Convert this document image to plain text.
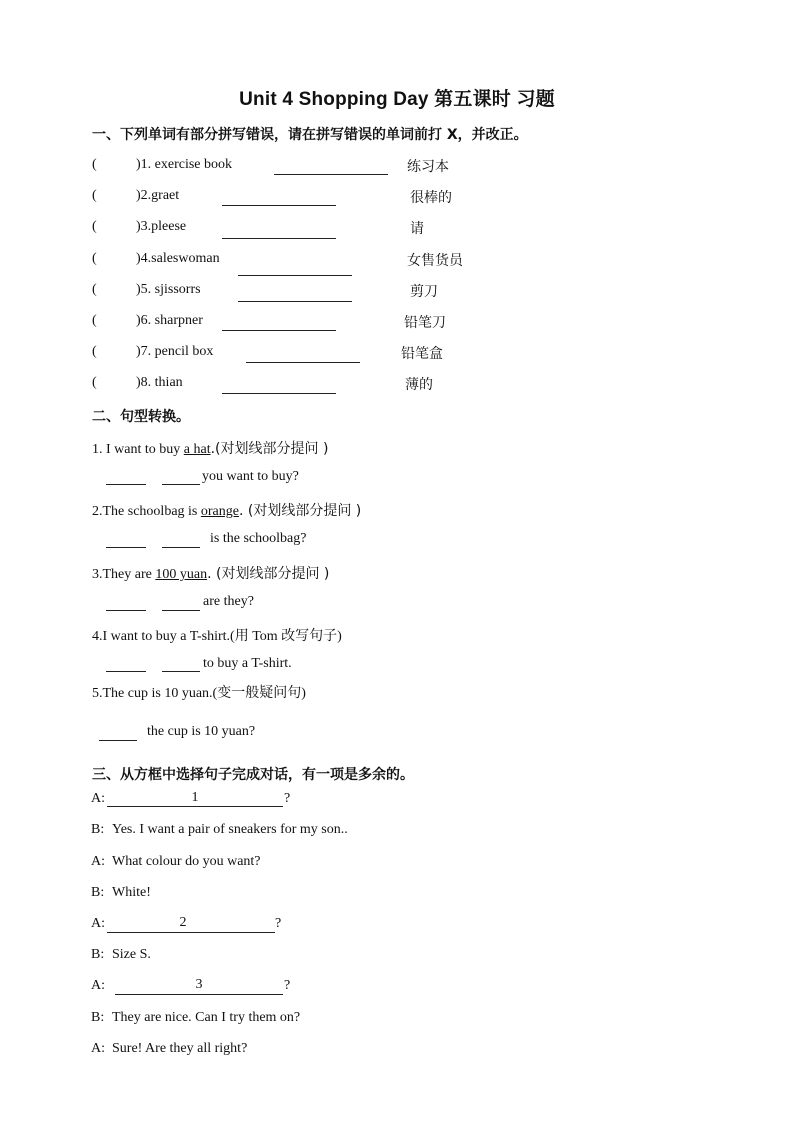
Unit 4 Shopping Day 第五课时 习题
一、下列单词有部分拼写错误，请在拼写错误的单词前打 X，并改正。
(	)1. exercise book	练习本
(	)2.graet	很棒的
(	)3.pleese	请
(	)4.saleswoman	女售货员
(	)5. sjissorrs	剪刀
(	)6. sharpner	铅笔刀
(	)7. pencil box	铅笔盒
(	)8. thian	薄的
二、句型转换。
1. I want to buy a hat.(对划线部分提问 )
you want to buy?
2.The schoolbag is orange. (对划线部分提问 )
is the schoolbag?
3.They are 100 yuan. (对划线部分提问 )
are they?
4.I want to buy a T-shirt.(用 Tom 改写句子)
to buy a T-shirt.
5.The cup is 10 yuan.(变一般疑问句)
the cup is 10 yuan?
三、从方框中选择句子完成对话，有一项是多余的。
A:	1	?
B: Yes. I want a pair of sneakers for my son..
A: What colour do you want?
B: White!
A:	2	?
B: Size S.
A:	3	?
B: They are nice. Can I try them on?
A: Sure! Are they all right?
